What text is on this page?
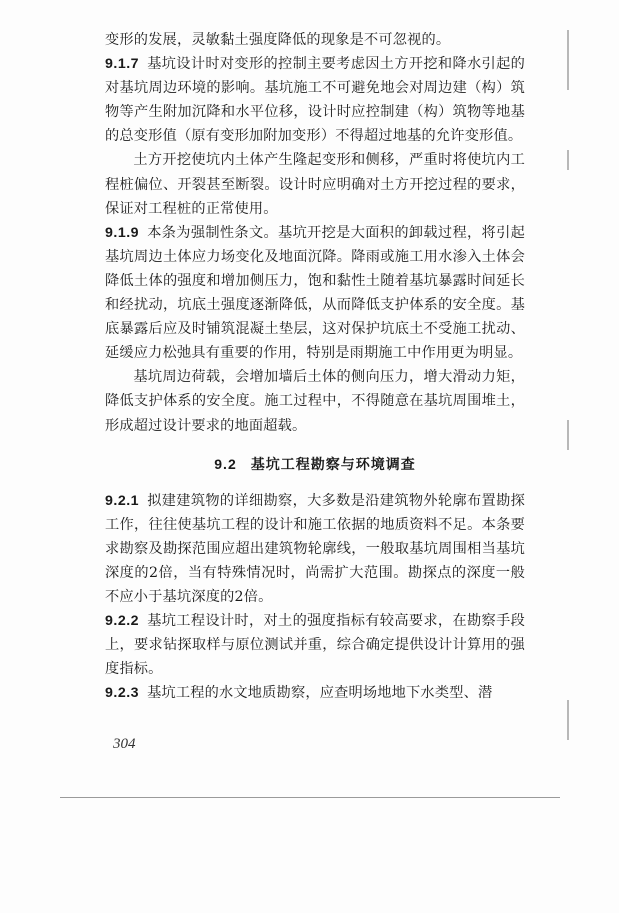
变形的发展，灵敏黏土强度降低的现象是不可忽视的。

9.1.7 基坑设计时对变形的控制主要考虑因土方开挖和降水引起的对基坑周边环境的影响。基坑施工不可避免地会对周边建（构）筑物等产生附加沉降和水平位移，设计时应控制建（构）筑物等地基的总变形值（原有变形加附加变形）不得超过地基的允许变形值。

土方开挖使坑内土体产生隆起变形和侧移，严重时将使坑内工程桩偏位、开裂甚至断裂。设计时应明确对土方开挖过程的要求，保证对工程桩的正常使用。

9.1.9 本条为强制性条文。基坑开挖是大面积的卸载过程，将引起基坑周边土体应力场变化及地面沉降。降雨或施工用水渗入土体会降低土体的强度和增加侧压力，饱和黏性土随着基坑暴露时间延长和经扰动，坑底土强度逐渐降低，从而降低支护体系的安全度。基底暴露后应及时铺筑混凝土垫层，这对保护坑底土不受施工扰动、延缓应力松弛具有重要的作用，特别是雨期施工中作用更为明显。

基坑周边荷载，会增加墙后土体的侧向压力，增大滑动力矩，降低支护体系的安全度。施工过程中，不得随意在基坑周围堆土，形成超过设计要求的地面超载。

9.2 基坑工程勘察与环境调查

9.2.1 拟建建筑物的详细勘察，大多数是沿建筑物外轮廓布置勘探工作，往往使基坑工程的设计和施工依据的地质资料不足。本条要求勘察及勘探范围应超出建筑物轮廓线，一般取基坑周围相当基坑深度的2倍，当有特殊情况时，尚需扩大范围。勘探点的深度一般不应小于基坑深度的2倍。

9.2.2 基坑工程设计时，对土的强度指标有较高要求，在勘察手段上，要求钻探取样与原位测试并重，综合确定提供设计计算用的强度指标。

9.2.3 基坑工程的水文地质勘察，应查明场地地下水类型、潜

304
